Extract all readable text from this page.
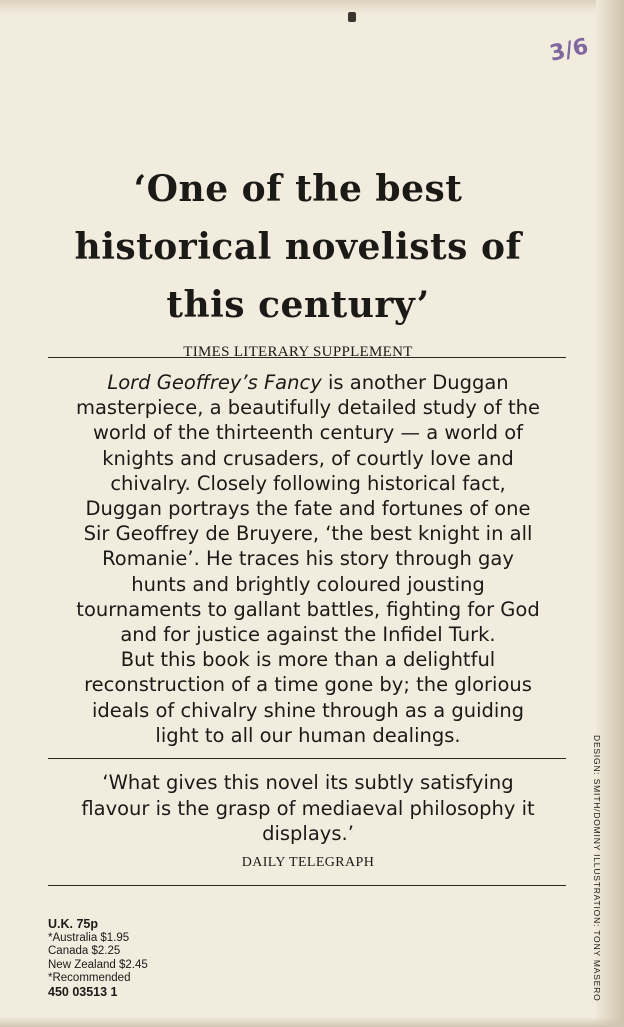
3/6

‘One of the best

historical novelists of

this century’

TIMES LITERARY SUPPLEMENT
Lord Geoffrey’s Fancy is another Duggan
masterpiece, a beautifully detailed study of the
world of the thirteenth century — a world of
knights and crusaders, of courtly love and
chivalry. Closely following historical fact,
Duggan portrays the fate and fortunes of one
Sir Geoffrey de Bruyere, ‘the best knight in all
Romanie’. He traces his story through gay
hunts and brightly coloured jousting
tournaments to gallant battles, fighting for God
and for justice against the Infidel Turk.
But this book is more than a delightful
reconstruction of a time gone by; the glorious
ideals of chivalry shine through as a guiding
light to all our human dealings.
‘What gives this novel its subtly satisfying
flavour is the grasp of mediaeval philosophy it
displays.’
DAILY TELEGRAPH
U.K. 75p
*Australia $1.95
Canada $2.25
New Zealand $2.45
*Recommended
450 03513 1	DESIGN: SMITH/DOMINY ILLUSTRATION: TONY MASERO
